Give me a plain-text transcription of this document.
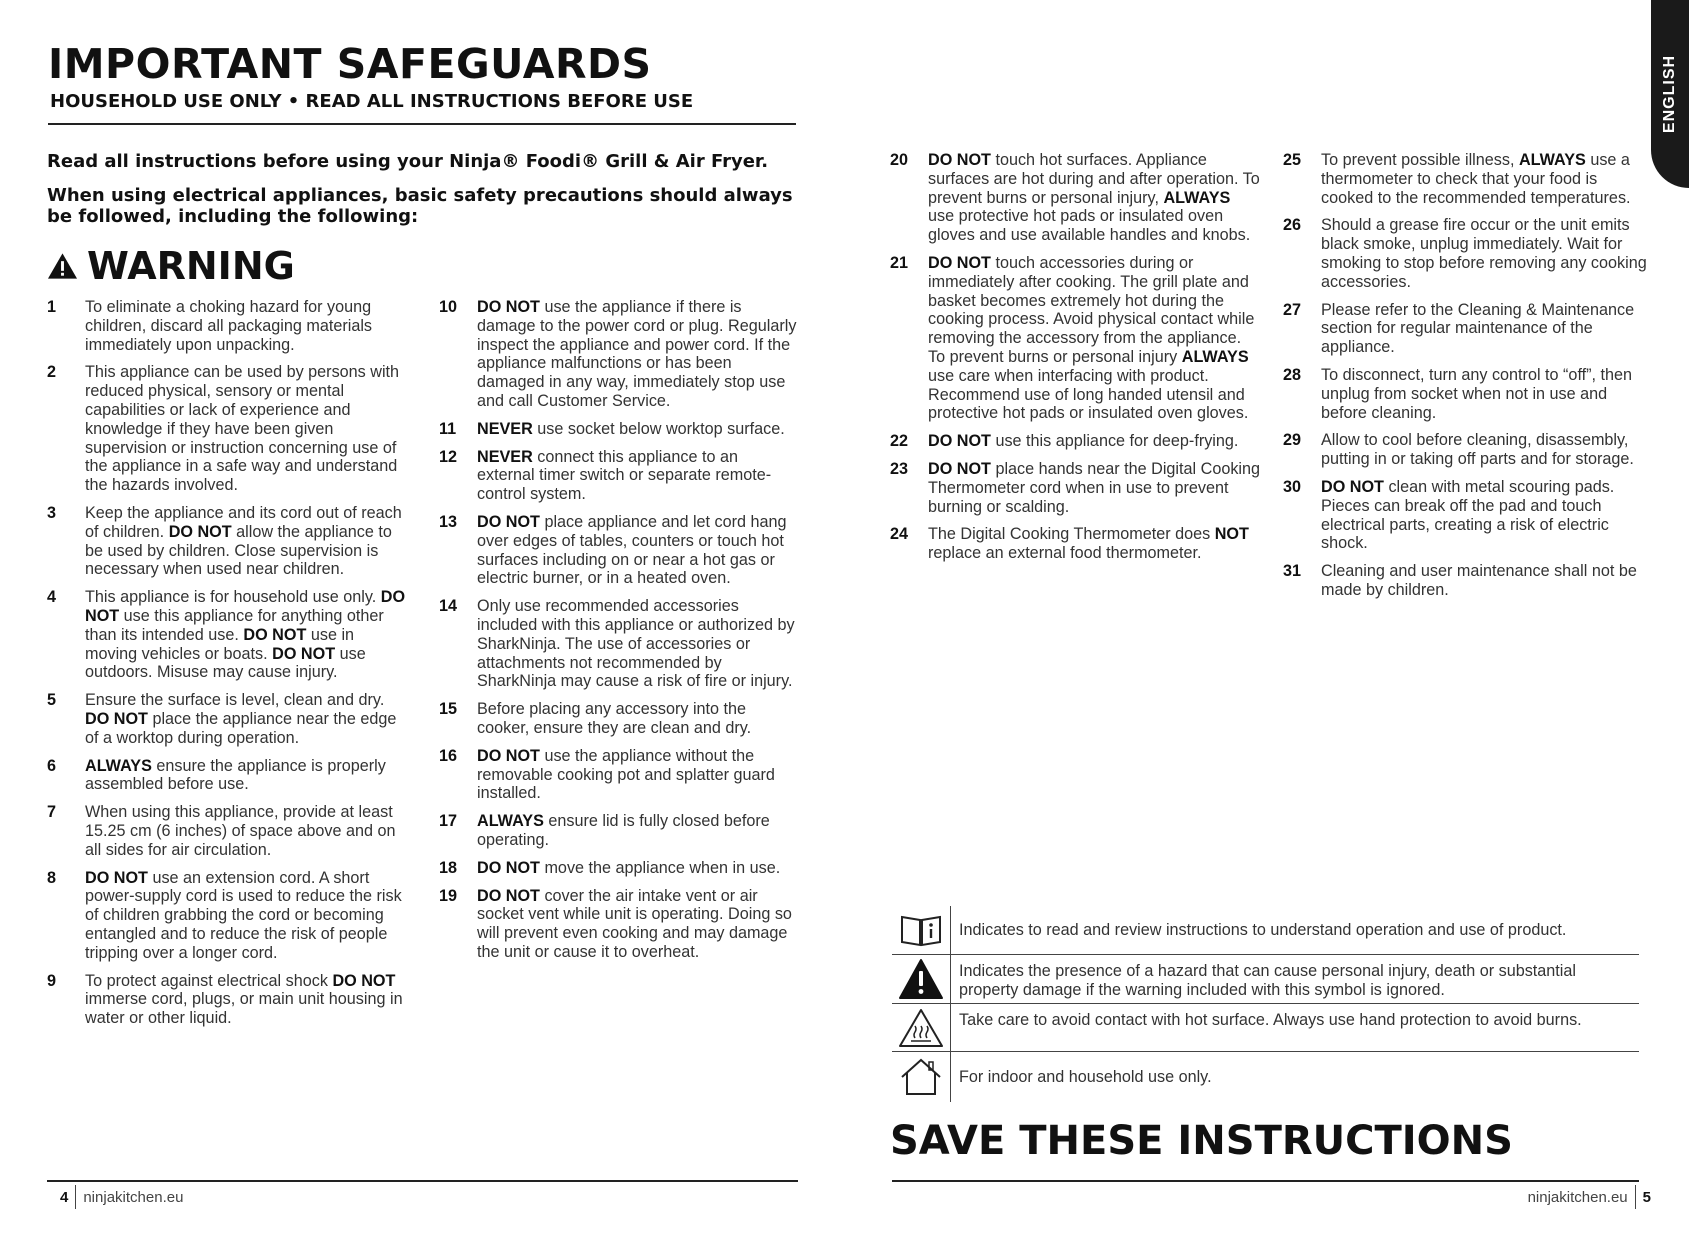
IMPORTANT SAFEGUARDS
HOUSEHOLD USE ONLY • READ ALL INSTRUCTIONS BEFORE USE
Read all instructions before using your Ninja® Foodi® Grill & Air Fryer.
When using electrical appliances, basic safety precautions should always be followed, including the following:
WARNING
1	To eliminate a choking hazard for young children, discard all packaging materials immediately upon unpacking.
2	This appliance can be used by persons with reduced physical, sensory or mental capabilities or lack of experience and knowledge if they have been given supervision or instruction concerning use of the appliance in a safe way and understand the hazards involved.
3	Keep the appliance and its cord out of reach of children. DO NOT allow the appliance to be used by children. Close supervision is necessary when used near children.
4	This appliance is for household use only. DO NOT use this appliance for anything other than its intended use. DO NOT use in moving vehicles or boats. DO NOT use outdoors. Misuse may cause injury.
5	Ensure the surface is level, clean and dry. DO NOT place the appliance near the edge of a worktop during operation.
6	ALWAYS ensure the appliance is properly assembled before use.
7	When using this appliance, provide at least 15.25 cm (6 inches) of space above and on all sides for air circulation.
8	DO NOT use an extension cord. A short power-supply cord is used to reduce the risk of children grabbing the cord or becoming entangled and to reduce the risk of people tripping over a longer cord.
9	To protect against electrical shock DO NOT immerse cord, plugs, or main unit housing in water or other liquid.
10	DO NOT use the appliance if there is damage to the power cord or plug. Regularly inspect the appliance and power cord. If the appliance malfunctions or has been damaged in any way, immediately stop use and call Customer Service.
11	NEVER use socket below worktop surface.
12	NEVER connect this appliance to an external timer switch or separate remote-control system.
13	DO NOT place appliance and let cord hang over edges of tables, counters or touch hot surfaces including on or near a hot gas or electric burner, or in a heated oven.
14	Only use recommended accessories included with this appliance or authorized by SharkNinja. The use of accessories or attachments not recommended by SharkNinja may cause a risk of fire or injury.
15	Before placing any accessory into the cooker, ensure they are clean and dry.
16	DO NOT use the appliance without the removable cooking pot and splatter guard installed.
17	ALWAYS ensure lid is fully closed before operating.
18	DO NOT move the appliance when in use.
19	DO NOT cover the air intake vent or air socket vent while unit is operating. Doing so will prevent even cooking and may damage the unit or cause it to overheat.
4 ninjakitchen.eu
ENGLISH
20	DO NOT touch hot surfaces. Appliance surfaces are hot during and after operation. To prevent burns or personal injury, ALWAYS use protective hot pads or insulated oven gloves and use available handles and knobs.
21	DO NOT touch accessories during or immediately after cooking. The grill plate and basket becomes extremely hot during the cooking process. Avoid physical contact while removing the accessory from the appliance. To prevent burns or personal injury ALWAYS use care when interfacing with product. Recommend use of long handed utensil and protective hot pads or insulated oven gloves.
22	DO NOT use this appliance for deep-frying.
23	DO NOT place hands near the Digital Cooking Thermometer cord when in use to prevent burning or scalding.
24	The Digital Cooking Thermometer does NOT replace an external food thermometer.
25	To prevent possible illness, ALWAYS use a thermometer to check that your food is cooked to the recommended temperatures.
26	Should a grease fire occur or the unit emits black smoke, unplug immediately. Wait for smoking to stop before removing any cooking accessories.
27	Please refer to the Cleaning & Maintenance section for regular maintenance of the appliance.
28	To disconnect, turn any control to “off”, then unplug from socket when not in use and before cleaning.
29	Allow to cool before cleaning, disassembly, putting in or taking off parts and for storage.
30	DO NOT clean with metal scouring pads. Pieces can break off the pad and touch electrical parts, creating a risk of electric shock.
31	Cleaning and user maintenance shall not be made by children.
Indicates to read and review instructions to understand operation and use of product.
Indicates the presence of a hazard that can cause personal injury, death or substantial property damage if the warning included with this symbol is ignored.
Take care to avoid contact with hot surface. Always use hand protection to avoid burns.
For indoor and household use only.
SAVE THESE INSTRUCTIONS
ninjakitchen.eu 5
